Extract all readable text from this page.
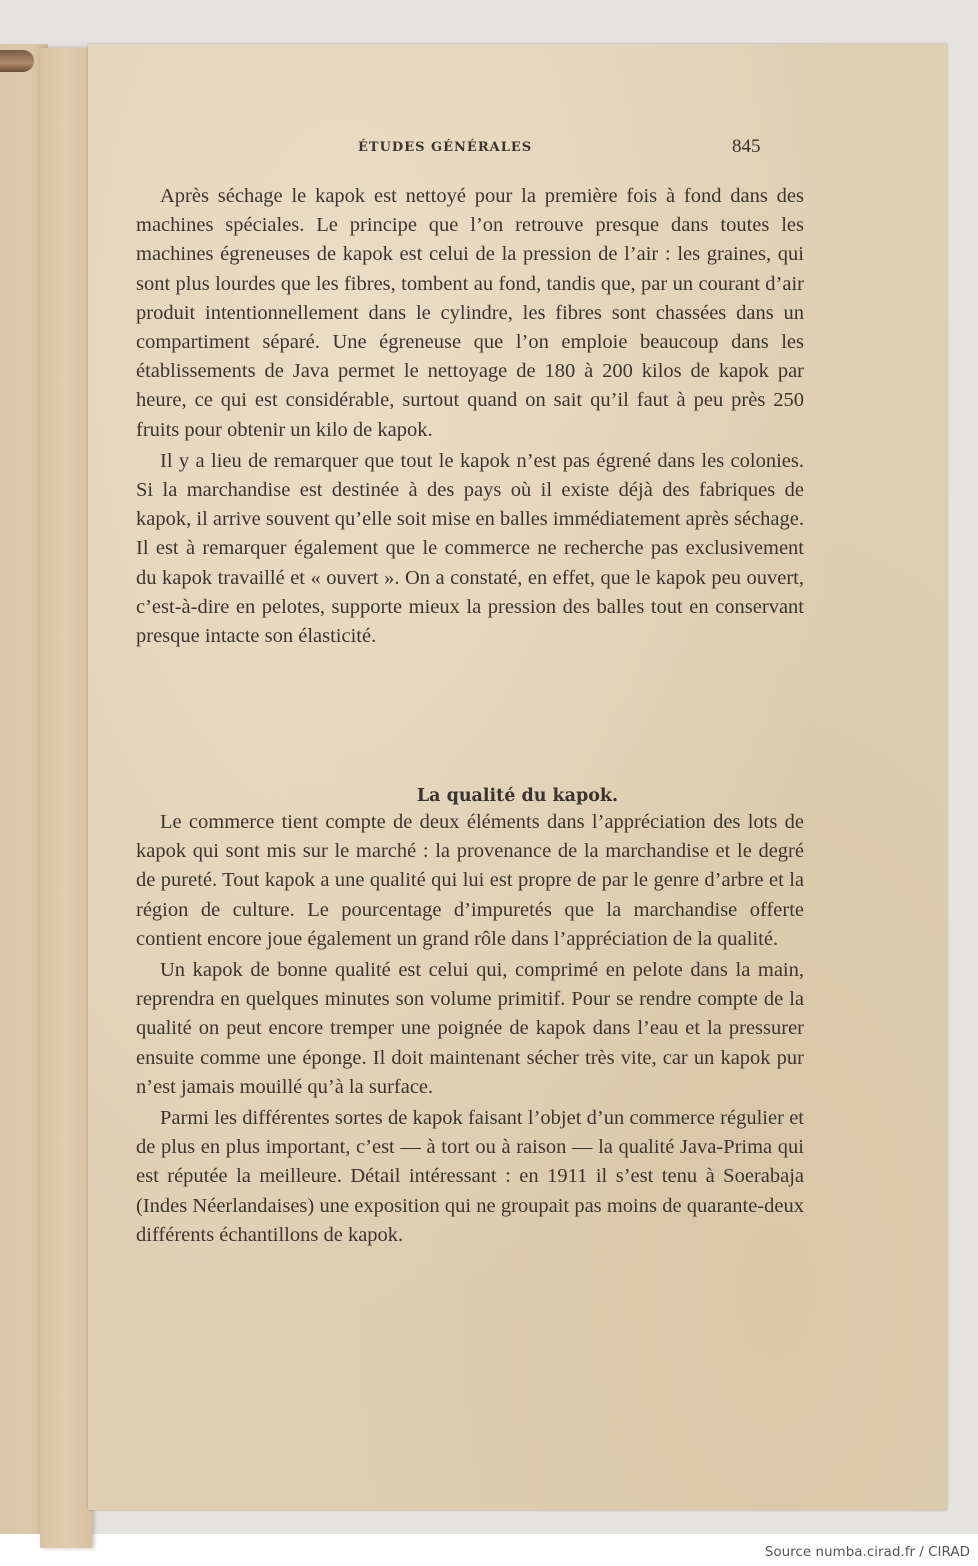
ÉTUDES GÉNÉRALES	845

Après séchage le kapok est nettoyé pour la première fois à fond dans des machines spéciales. Le principe que l’on retrouve presque dans toutes les machines égreneuses de kapok est celui de la pression de l’air : les graines, qui sont plus lourdes que les fibres, tombent au fond, tandis que, par un courant d’air produit intentionnellement dans le cylindre, les fibres sont chassées dans un compartiment séparé. Une égreneuse que l’on emploie beaucoup dans les établissements de Java permet le nettoyage de 180 à 200 kilos de kapok par heure, ce qui est considérable, surtout quand on sait qu’il faut à peu près 250 fruits pour obtenir un kilo de kapok.

Il y a lieu de remarquer que tout le kapok n’est pas égrené dans les colonies. Si la marchandise est destinée à des pays où il existe déjà des fabriques de kapok, il arrive souvent qu’elle soit mise en balles immédiatement après séchage. Il est à remarquer également que le commerce ne recherche pas exclusivement du kapok travaillé et « ouvert ». On a constaté, en effet, que le kapok peu ouvert, c’est-à-dire en pelotes, supporte mieux la pression des balles tout en conservant presque intacte son élasticité.

La qualité du kapok.

Le commerce tient compte de deux éléments dans l’appréciation des lots de kapok qui sont mis sur le marché : la provenance de la marchandise et le degré de pureté. Tout kapok a une qualité qui lui est propre de par le genre d’arbre et la région de culture. Le pourcentage d’impuretés que la marchandise offerte contient encore joue également un grand rôle dans l’appréciation de la qualité.

Un kapok de bonne qualité est celui qui, comprimé en pelote dans la main, reprendra en quelques minutes son volume primitif. Pour se rendre compte de la qualité on peut encore tremper une poignée de kapok dans l’eau et la pressurer ensuite comme une éponge. Il doit maintenant sécher très vite, car un kapok pur n’est jamais mouillé qu’à la surface.

Parmi les différentes sortes de kapok faisant l’objet d’un commerce régulier et de plus en plus important, c’est — à tort ou à raison — la qualité Java-Prima qui est réputée la meilleure. Détail intéressant : en 1911 il s’est tenu à Soerabaja (Indes Néerlandaises) une exposition qui ne groupait pas moins de quarante-deux différents échantillons de kapok.

Source numba.cirad.fr / CIRAD
